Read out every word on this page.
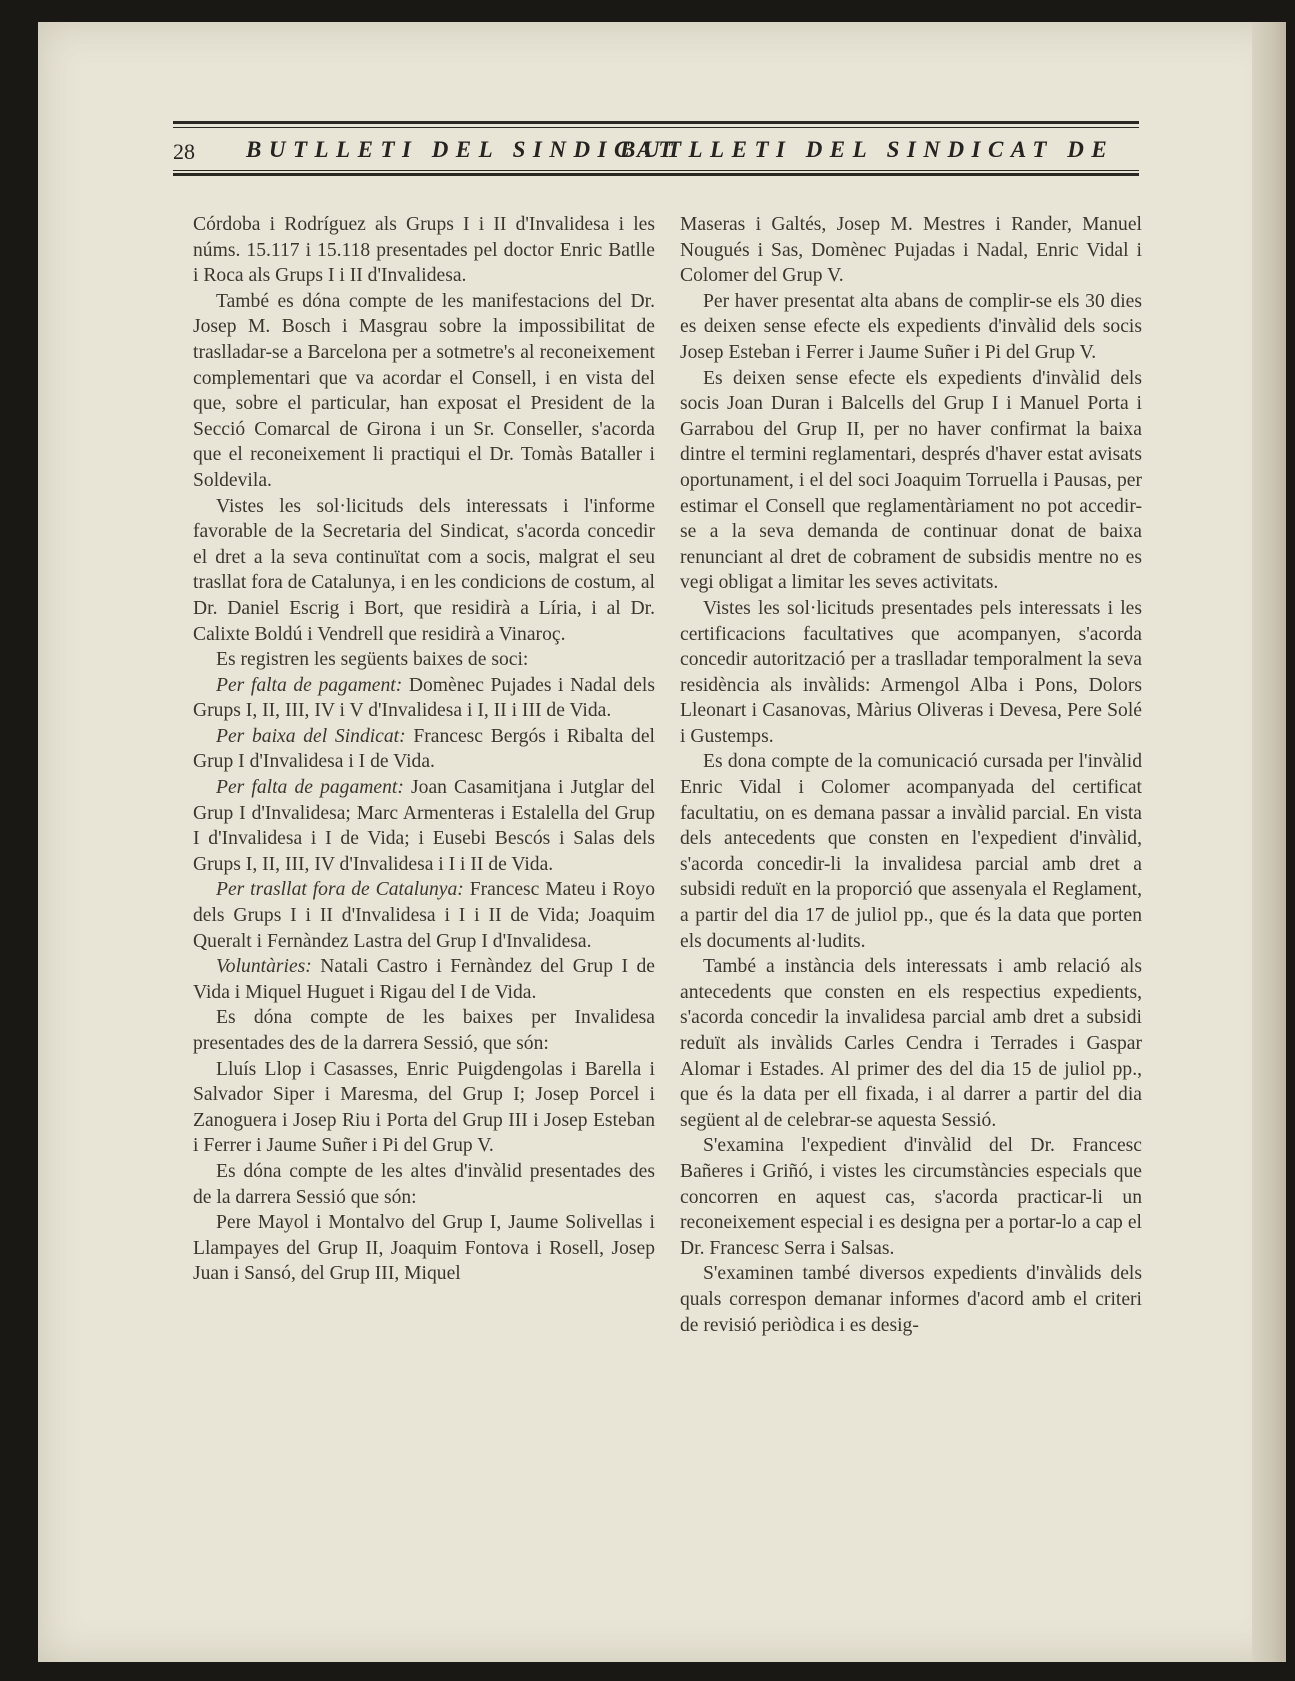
28 BUTLLETI DEL SINDICAT
BUTLLETI DEL SINDICAT DE

Córdoba i Rodríguez als Grups I i II d'Invalidesa i les núms. 15.117 i 15.118 presentades pel doctor Enric Batlle i Roca als Grups I i II d'Invalidesa.

També es dóna compte de les manifestacions del Dr. Josep M. Bosch i Masgrau sobre la impossibilitat de traslladar-se a Barcelona per a sotmetre's al reconeixement complementari que va acordar el Consell, i en vista del que, sobre el particular, han exposat el President de la Secció Comarcal de Girona i un Sr. Conseller, s'acorda que el reconeixement li practiqui el Dr. Tomàs Bataller i Soldevila.

Vistes les sol·licituds dels interessats i l'informe favorable de la Secretaria del Sindicat, s'acorda concedir el dret a la seva continuïtat com a socis, malgrat el seu trasllat fora de Catalunya, i en les condicions de costum, al Dr. Daniel Escrig i Bort, que residirà a Líria, i al Dr. Calixte Boldú i Vendrell que residirà a Vinaroç.

Es registren les següents baixes de soci:

Per falta de pagament: Domènec Pujades i Nadal dels Grups I, II, III, IV i V d'Invalidesa i I, II i III de Vida.

Per baixa del Sindicat: Francesc Bergós i Ribalta del Grup I d'Invalidesa i I de Vida.

Per falta de pagament: Joan Casamitjana i Jutglar del Grup I d'Invalidesa; Marc Armenteras i Estalella del Grup I d'Invalidesa i I de Vida; i Eusebi Bescós i Salas dels Grups I, II, III, IV d'Invalidesa i I i II de Vida.

Per trasllat fora de Catalunya: Francesc Mateu i Royo dels Grups I i II d'Invalidesa i I i II de Vida; Joaquim Queralt i Fernàndez Lastra del Grup I d'Invalidesa.

Voluntàries: Natali Castro i Fernàndez del Grup I de Vida i Miquel Huguet i Rigau del I de Vida.

Es dóna compte de les baixes per Invalidesa presentades des de la darrera Sessió, que són:

Lluís Llop i Casasses, Enric Puigdengolas i Barella i Salvador Siper i Maresma, del Grup I; Josep Porcel i Zanoguera i Josep Riu i Porta del Grup III i Josep Esteban i Ferrer i Jaume Suñer i Pi del Grup V.

Es dóna compte de les altes d'invàlid presentades des de la darrera Sessió que són:

Pere Mayol i Montalvo del Grup I, Jaume Solivellas i Llampayes del Grup II, Joaquim Fontova i Rosell, Josep Juan i Sansó, del Grup III, Miquel

Maseras i Galtés, Josep M. Mestres i Rander, Manuel Nougués i Sas, Domènec Pujadas i Nadal, Enric Vidal i Colomer del Grup V.

Per haver presentat alta abans de complir-se els 30 dies es deixen sense efecte els expedients d'invàlid dels socis Josep Esteban i Ferrer i Jaume Suñer i Pi del Grup V.

Es deixen sense efecte els expedients d'invàlid dels socis Joan Duran i Balcells del Grup I i Manuel Porta i Garrabou del Grup II, per no haver confirmat la baixa dintre el termini reglamentari, després d'haver estat avisats oportunament, i el del soci Joaquim Torruella i Pausas, per estimar el Consell que reglamentàriament no pot accedir-se a la seva demanda de continuar donat de baixa renunciant al dret de cobrament de subsidis mentre no es vegi obligat a limitar les seves activitats.

Vistes les sol·licituds presentades pels interessats i les certificacions facultatives que acompanyen, s'acorda concedir autorització per a traslladar temporalment la seva residència als invàlids: Armengol Alba i Pons, Dolors Lleonart i Casanovas, Màrius Oliveras i Devesa, Pere Solé i Gustemps.

Es dona compte de la comunicació cursada per l'invàlid Enric Vidal i Colomer acompanyada del certificat facultatiu, on es demana passar a invàlid parcial. En vista dels antecedents que consten en l'expedient d'invàlid, s'acorda concedir-li la invalidesa parcial amb dret a subsidi reduït en la proporció que assenyala el Reglament, a partir del dia 17 de juliol pp., que és la data que porten els documents al·ludits.

També a instància dels interessats i amb relació als antecedents que consten en els respectius expedients, s'acorda concedir la invalidesa parcial amb dret a subsidi reduït als invàlids Carles Cendra i Terrades i Gaspar Alomar i Estades. Al primer des del dia 15 de juliol pp., que és la data per ell fixada, i al darrer a partir del dia següent al de celebrar-se aquesta Sessió.

S'examina l'expedient d'invàlid del Dr. Francesc Bañeres i Griñó, i vistes les circumstàncies especials que concorren en aquest cas, s'acorda practicar-li un reconeixement especial i es designa per a portar-lo a cap el Dr. Francesc Serra i Salsas.

S'examinen també diversos expedients d'invàlids dels quals correspon demanar informes d'acord amb el criteri de revisió periòdica i es desig-
